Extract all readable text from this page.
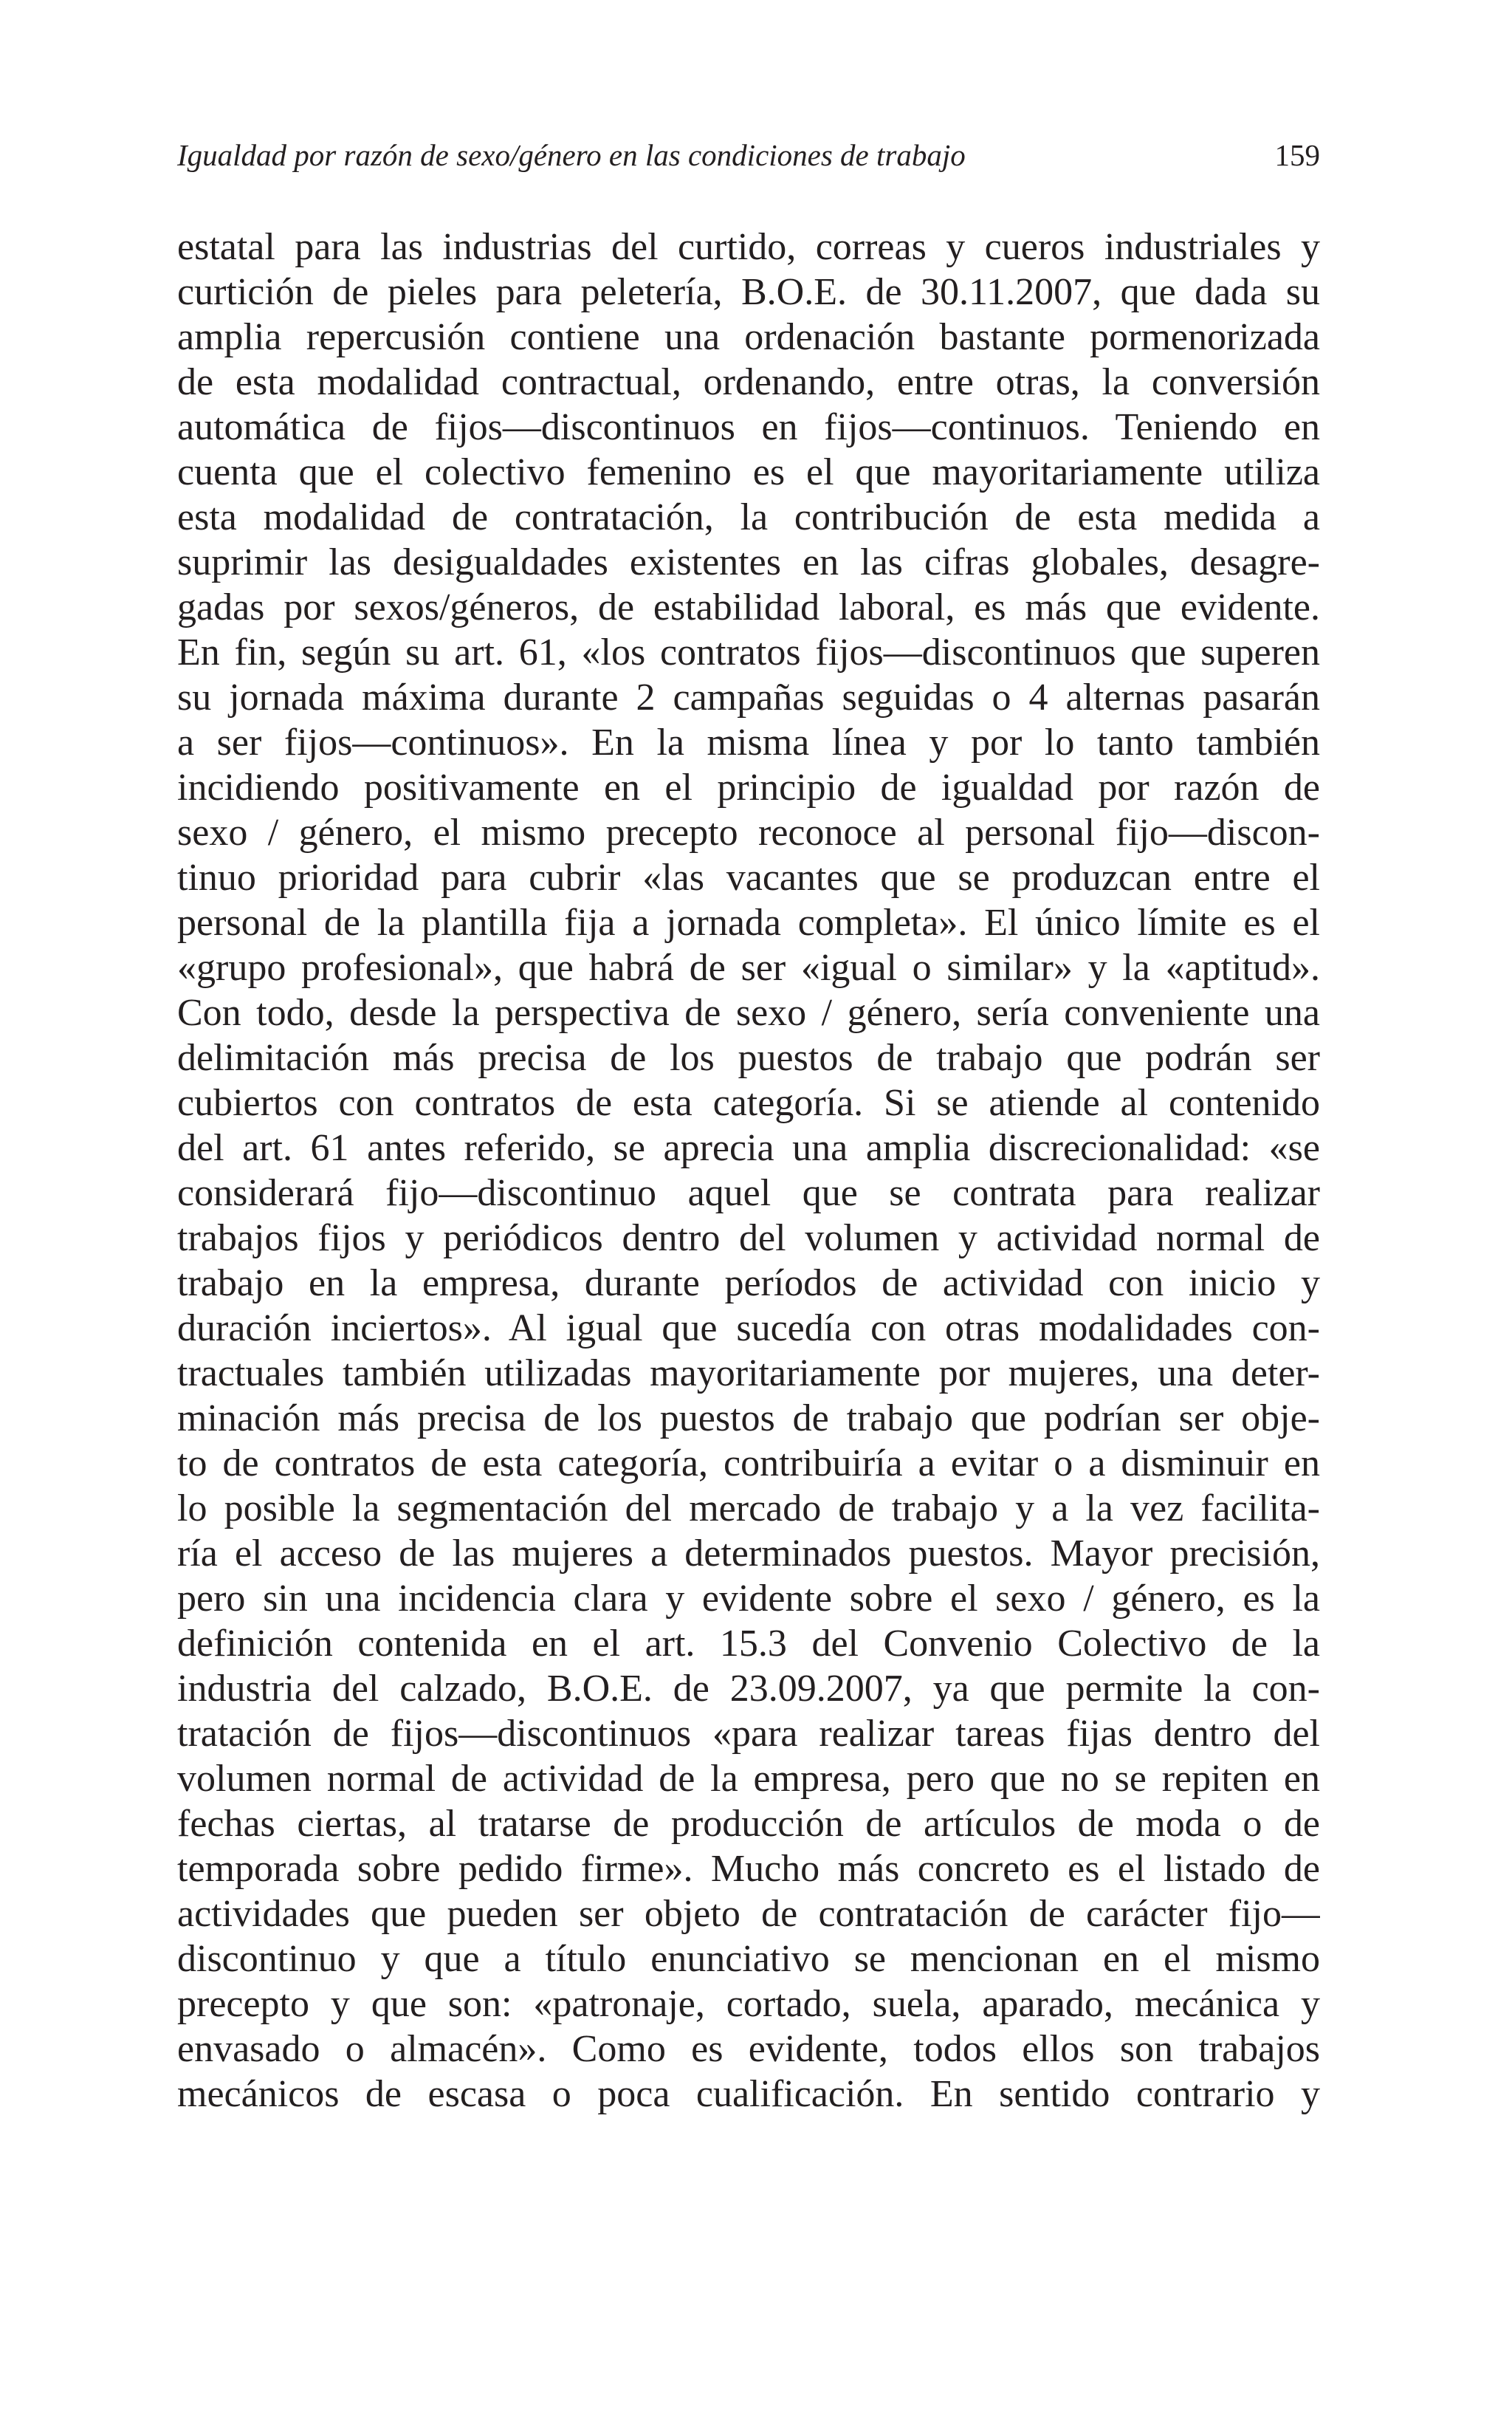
Igualdad por razón de sexo/género en las condiciones de trabajo	159
estatal para las industrias del curtido, correas y cueros industriales y
curtición de pieles para peletería, B.O.E. de 30.11.2007, que dada su
amplia repercusión contiene una ordenación bastante pormenorizada
de esta modalidad contractual, ordenando, entre otras, la conversión
automática de fijos—discontinuos en fijos—continuos. Teniendo en
cuenta que el colectivo femenino es el que mayoritariamente utiliza
esta modalidad de contratación, la contribución de esta medida a
suprimir las desigualdades existentes en las cifras globales, desagre-
gadas por sexos/géneros, de estabilidad laboral, es más que evidente.
En fin, según su art. 61, «los contratos fijos—discontinuos que superen
su jornada máxima durante 2 campañas seguidas o 4 alternas pasarán
a ser fijos—continuos». En la misma línea y por lo tanto también
incidiendo positivamente en el principio de igualdad por razón de
sexo / género, el mismo precepto reconoce al personal fijo—discon-
tinuo prioridad para cubrir «las vacantes que se produzcan entre el
personal de la plantilla fija a jornada completa». El único límite es el
«grupo profesional», que habrá de ser «igual o similar» y la «aptitud».
Con todo, desde la perspectiva de sexo / género, sería conveniente una
delimitación más precisa de los puestos de trabajo que podrán ser
cubiertos con contratos de esta categoría. Si se atiende al contenido
del art. 61 antes referido, se aprecia una amplia discrecionalidad: «se
considerará fijo—discontinuo aquel que se contrata para realizar
trabajos fijos y periódicos dentro del volumen y actividad normal de
trabajo en la empresa, durante períodos de actividad con inicio y
duración inciertos». Al igual que sucedía con otras modalidades con-
tractuales también utilizadas mayoritariamente por mujeres, una deter-
minación más precisa de los puestos de trabajo que podrían ser obje-
to de contratos de esta categoría, contribuiría a evitar o a disminuir en
lo posible la segmentación del mercado de trabajo y a la vez facilita-
ría el acceso de las mujeres a determinados puestos. Mayor precisión,
pero sin una incidencia clara y evidente sobre el sexo / género, es la
definición contenida en el art. 15.3 del Convenio Colectivo de la
industria del calzado, B.O.E. de 23.09.2007, ya que permite la con-
tratación de fijos—discontinuos «para realizar tareas fijas dentro del
volumen normal de actividad de la empresa, pero que no se repiten en
fechas ciertas, al tratarse de producción de artículos de moda o de
temporada sobre pedido firme». Mucho más concreto es el listado de
actividades que pueden ser objeto de contratación de carácter fijo—
discontinuo y que a título enunciativo se mencionan en el mismo
precepto y que son: «patronaje, cortado, suela, aparado, mecánica y
envasado o almacén». Como es evidente, todos ellos son trabajos
mecánicos de escasa o poca cualificación. En sentido contrario y
